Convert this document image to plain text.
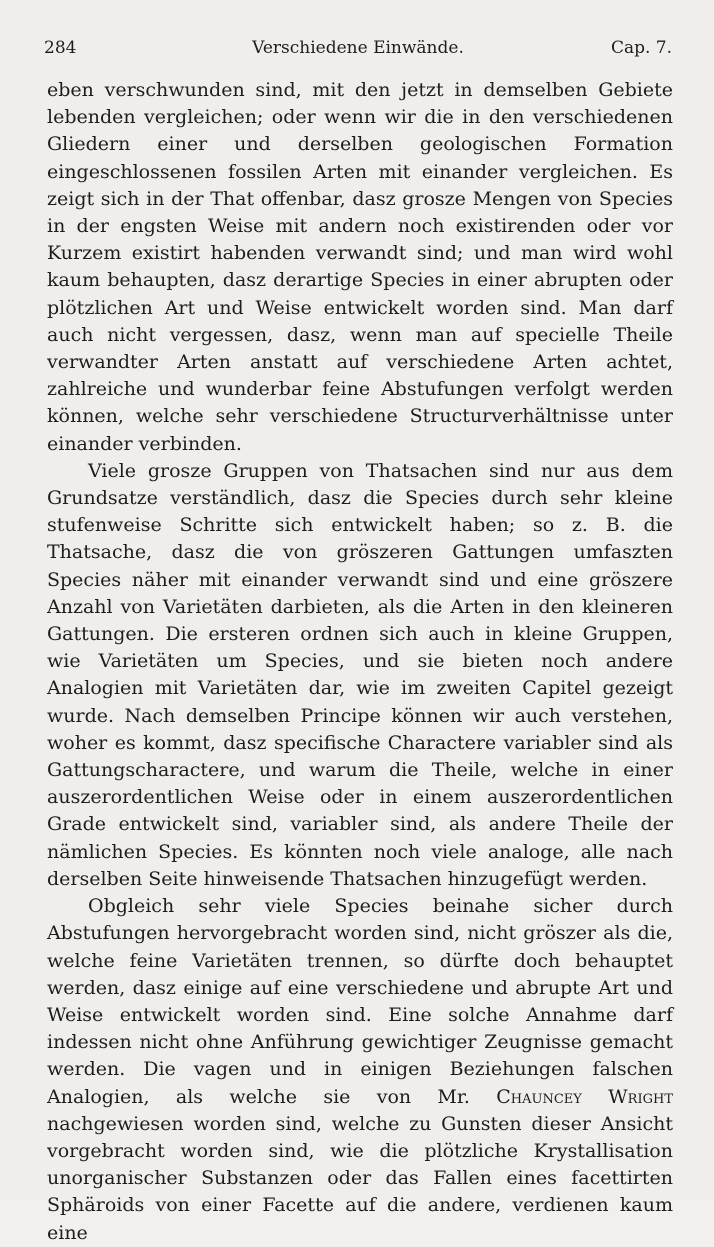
284	Verschiedene Einwände.	Cap. 7.

eben verschwunden sind, mit den jetzt in demselben Gebiete lebenden vergleichen; oder wenn wir die in den verschiedenen Gliedern einer und derselben geologischen Formation eingeschlossenen fossilen Arten mit einander vergleichen. Es zeigt sich in der That offenbar, dasz grosze Mengen von Species in der engsten Weise mit andern noch existirenden oder vor Kurzem existirt habenden verwandt sind; und man wird wohl kaum behaupten, dasz derartige Species in einer abrupten oder plötzlichen Art und Weise entwickelt worden sind. Man darf auch nicht vergessen, dasz, wenn man auf specielle Theile verwandter Arten anstatt auf verschiedene Arten achtet, zahlreiche und wunderbar feine Abstufungen verfolgt werden können, welche sehr verschiedene Structurverhältnisse unter einander verbinden.

Viele grosze Gruppen von Thatsachen sind nur aus dem Grundsatze verständlich, dasz die Species durch sehr kleine stufenweise Schritte sich entwickelt haben; so z. B. die Thatsache, dasz die von gröszeren Gattungen umfaszten Species näher mit einander verwandt sind und eine gröszere Anzahl von Varietäten darbieten, als die Arten in den kleineren Gattungen. Die ersteren ordnen sich auch in kleine Gruppen, wie Varietäten um Species, und sie bieten noch andere Analogien mit Varietäten dar, wie im zweiten Capitel gezeigt wurde. Nach demselben Principe können wir auch verstehen, woher es kommt, dasz specifische Charactere variabler sind als Gattungscharactere, und warum die Theile, welche in einer auszerordentlichen Weise oder in einem auszerordentlichen Grade entwickelt sind, variabler sind, als andere Theile der nämlichen Species. Es könnten noch viele analoge, alle nach derselben Seite hinweisende Thatsachen hinzugefügt werden.

Obgleich sehr viele Species beinahe sicher durch Abstufungen hervorgebracht worden sind, nicht gröszer als die, welche feine Varietäten trennen, so dürfte doch behauptet werden, dasz einige auf eine verschiedene und abrupte Art und Weise entwickelt worden sind. Eine solche Annahme darf indessen nicht ohne Anführung gewichtiger Zeugnisse gemacht werden. Die vagen und in einigen Beziehungen falschen Analogien, als welche sie von Mr. Chauncey Wright nachgewiesen worden sind, welche zu Gunsten dieser Ansicht vorgebracht worden sind, wie die plötzliche Krystallisation unorganischer Substanzen oder das Fallen eines facettirten Sphäroids von einer Facette auf die andere, verdienen kaum eine
